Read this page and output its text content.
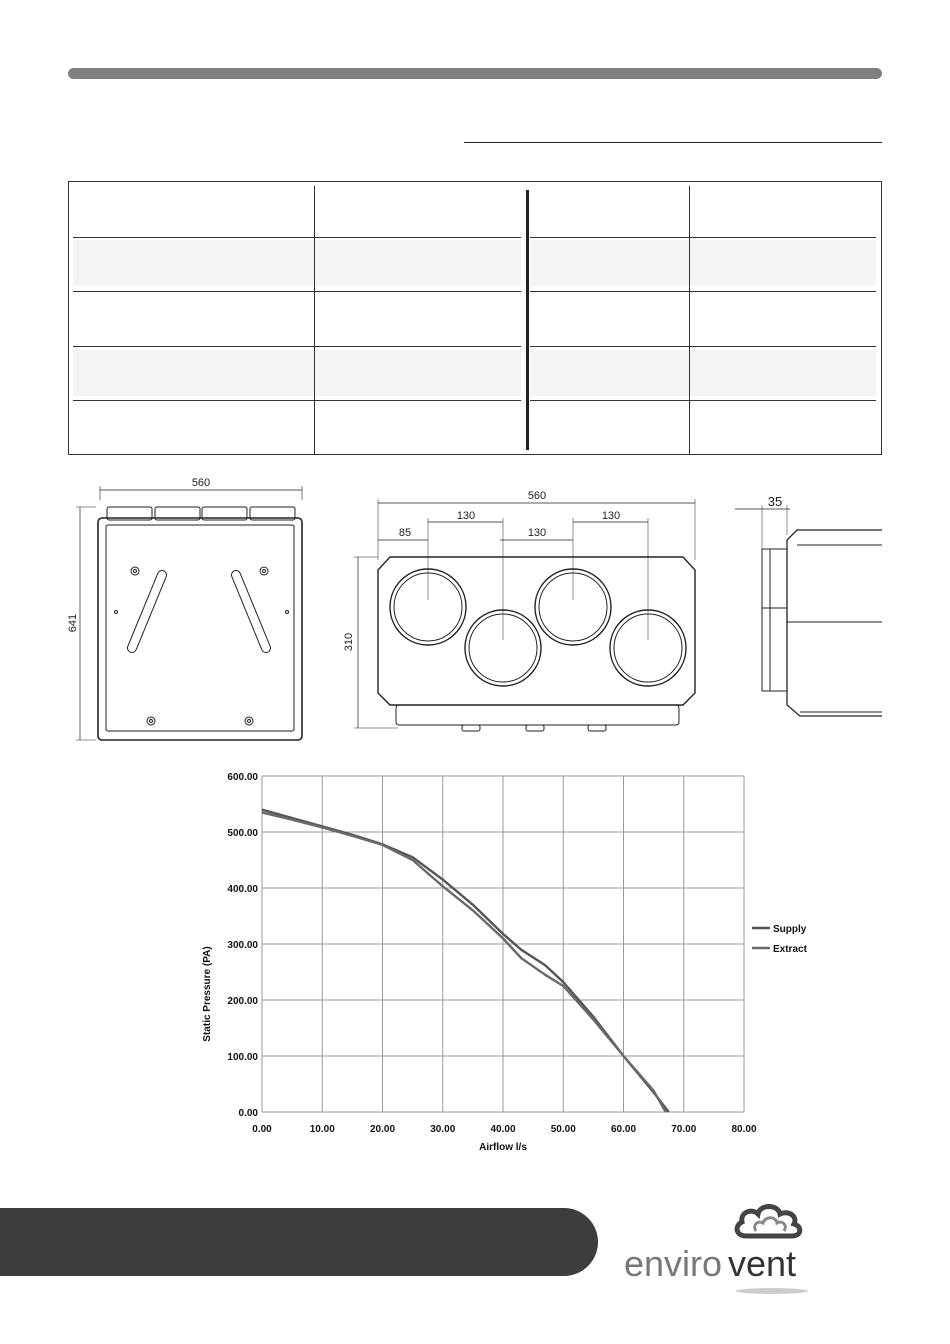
560
641
560
310
85
130
130
130
35
0.00	10.00	20.00	30.00	40.00	50.00	60.00	70.00	80.00
0.00
100.00
200.00
300.00
400.00
500.00
600.00
Supply
Extract
Airflow l/s
Static Pressure (PA)
enviro vent
